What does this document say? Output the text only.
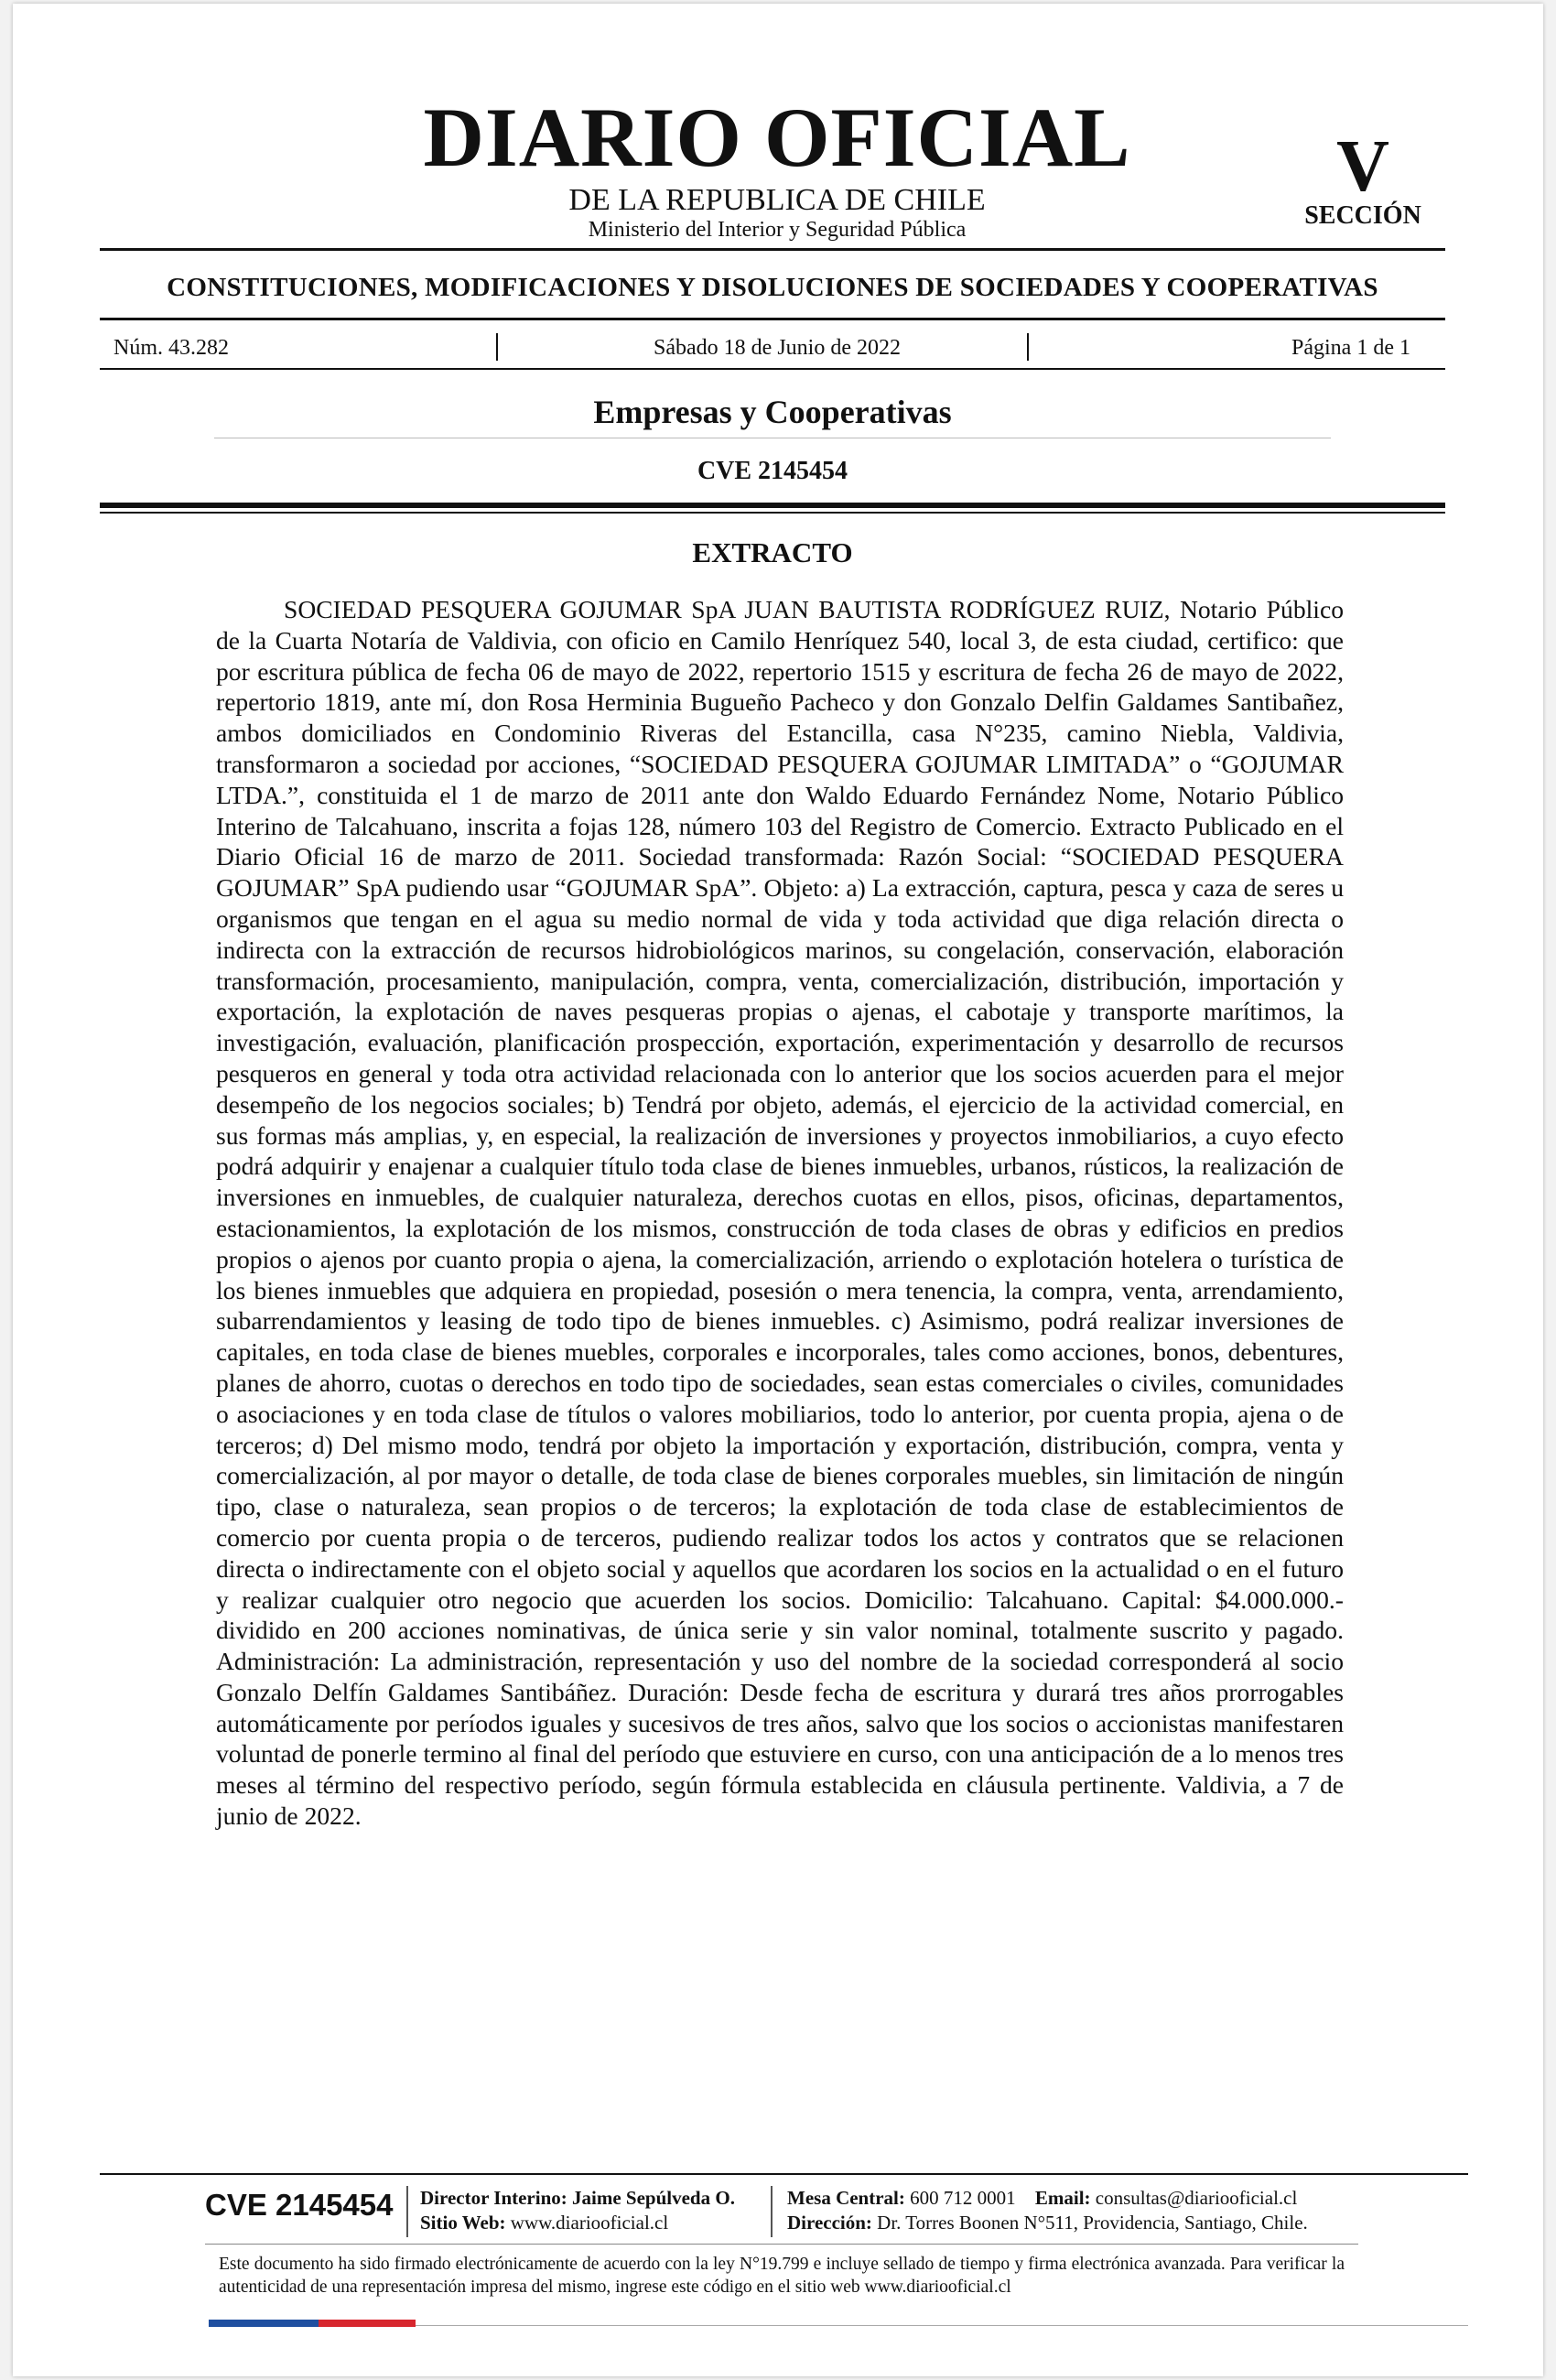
DIARIO OFICIAL
DE LA REPUBLICA DE CHILE
Ministerio del Interior y Seguridad Pública
V
SECCIÓN
CONSTITUCIONES, MODIFICACIONES Y DISOLUCIONES DE SOCIEDADES Y COOPERATIVAS
Núm. 43.282	Sábado 18 de Junio de 2022	Página 1 de 1
Empresas y Cooperativas
CVE 2145454
EXTRACTO

SOCIEDAD PESQUERA GOJUMAR SpA JUAN BAUTISTA RODRÍGUEZ RUIZ, Notario Público de la Cuarta Notaría de Valdivia, con oficio en Camilo Henríquez 540, local 3, de esta ciudad, certifico: que por escritura pública de fecha 06 de mayo de 2022, repertorio 1515 y escritura de fecha 26 de mayo de 2022, repertorio 1819, ante mí, don Rosa Herminia Bugueño Pacheco y don Gonzalo Delfin Galdames Santibañez, ambos domiciliados en Condominio Riveras del Estancilla, casa N°235, camino Niebla, Valdivia, transformaron a sociedad por acciones, “SOCIEDAD PESQUERA GOJUMAR LIMITADA” o “GOJUMAR LTDA.”, constituida el 1 de marzo de 2011 ante don Waldo Eduardo Fernández Nome, Notario Público Interino de Talcahuano, inscrita a fojas 128, número 103 del Registro de Comercio. Extracto Publicado en el Diario Oficial 16 de marzo de 2011. Sociedad transformada: Razón Social: “SOCIEDAD PESQUERA GOJUMAR” SpA pudiendo usar “GOJUMAR SpA”. Objeto: a) La extracción, captura, pesca y caza de seres u organismos que tengan en el agua su medio normal de vida y toda actividad que diga relación directa o indirecta con la extracción de recursos hidrobiológicos marinos, su congelación, conservación, elaboración transformación, procesamiento, manipulación, compra, venta, comercialización, distribución, importación y exportación, la explotación de naves pesqueras propias o ajenas, el cabotaje y transporte marítimos, la investigación, evaluación, planificación prospección, exportación, experimentación y desarrollo de recursos pesqueros en general y toda otra actividad relacionada con lo anterior que los socios acuerden para el mejor desempeño de los negocios sociales; b) Tendrá por objeto, además, el ejercicio de la actividad comercial, en sus formas más amplias, y, en especial, la realización de inversiones y proyectos inmobiliarios, a cuyo efecto podrá adquirir y enajenar a cualquier título toda clase de bienes inmuebles, urbanos, rústicos, la realización de inversiones en inmuebles, de cualquier naturaleza, derechos cuotas en ellos, pisos, oficinas, departamentos, estacionamientos, la explotación de los mismos, construcción de toda clases de obras y edificios en predios propios o ajenos por cuanto propia o ajena, la comercialización, arriendo o explotación hotelera o turística de los bienes inmuebles que adquiera en propiedad, posesión o mera tenencia, la compra, venta, arrendamiento, subarrendamientos y leasing de todo tipo de bienes inmuebles. c) Asimismo, podrá realizar inversiones de capitales, en toda clase de bienes muebles, corporales e incorporales, tales como acciones, bonos, debentures, planes de ahorro, cuotas o derechos en todo tipo de sociedades, sean estas comerciales o civiles, comunidades o asociaciones y en toda clase de títulos o valores mobiliarios, todo lo anterior, por cuenta propia, ajena o de terceros; d) Del mismo modo, tendrá por objeto la importación y exportación, distribución, compra, venta y comercialización, al por mayor o detalle, de toda clase de bienes corporales muebles, sin limitación de ningún tipo, clase o naturaleza, sean propios o de terceros; la explotación de toda clase de establecimientos de comercio por cuenta propia o de terceros, pudiendo realizar todos los actos y contratos que se relacionen directa o indirectamente con el objeto social y aquellos que acordaren los socios en la actualidad o en el futuro y realizar cualquier otro negocio que acuerden los socios. Domicilio: Talcahuano. Capital: $4.000.000.- dividido en 200 acciones nominativas, de única serie y sin valor nominal, totalmente suscrito y pagado. Administración: La administración, representación y uso del nombre de la sociedad corresponderá al socio Gonzalo Delfín Galdames Santibáñez. Duración: Desde fecha de escritura y durará tres años prorrogables automáticamente por períodos iguales y sucesivos de tres años, salvo que los socios o accionistas manifestaren voluntad de ponerle termino al final del período que estuviere en curso, con una anticipación de a lo menos tres meses al término del respectivo período, según fórmula establecida en cláusula pertinente. Valdivia, a 7 de junio de 2022.

CVE 2145454 Director Interino: Jaime Sepúlveda O.
Sitio Web: www.diariooficial.cl
Mesa Central: 600 712 0001 Email: consultas@diariooficial.cl
Dirección: Dr. Torres Boonen N°511, Providencia, Santiago, Chile.
Este documento ha sido firmado electrónicamente de acuerdo con la ley N°19.799 e incluye sellado de tiempo y firma electrónica avanzada. Para verificar la autenticidad de una representación impresa del mismo, ingrese este código en el sitio web www.diariooficial.cl
